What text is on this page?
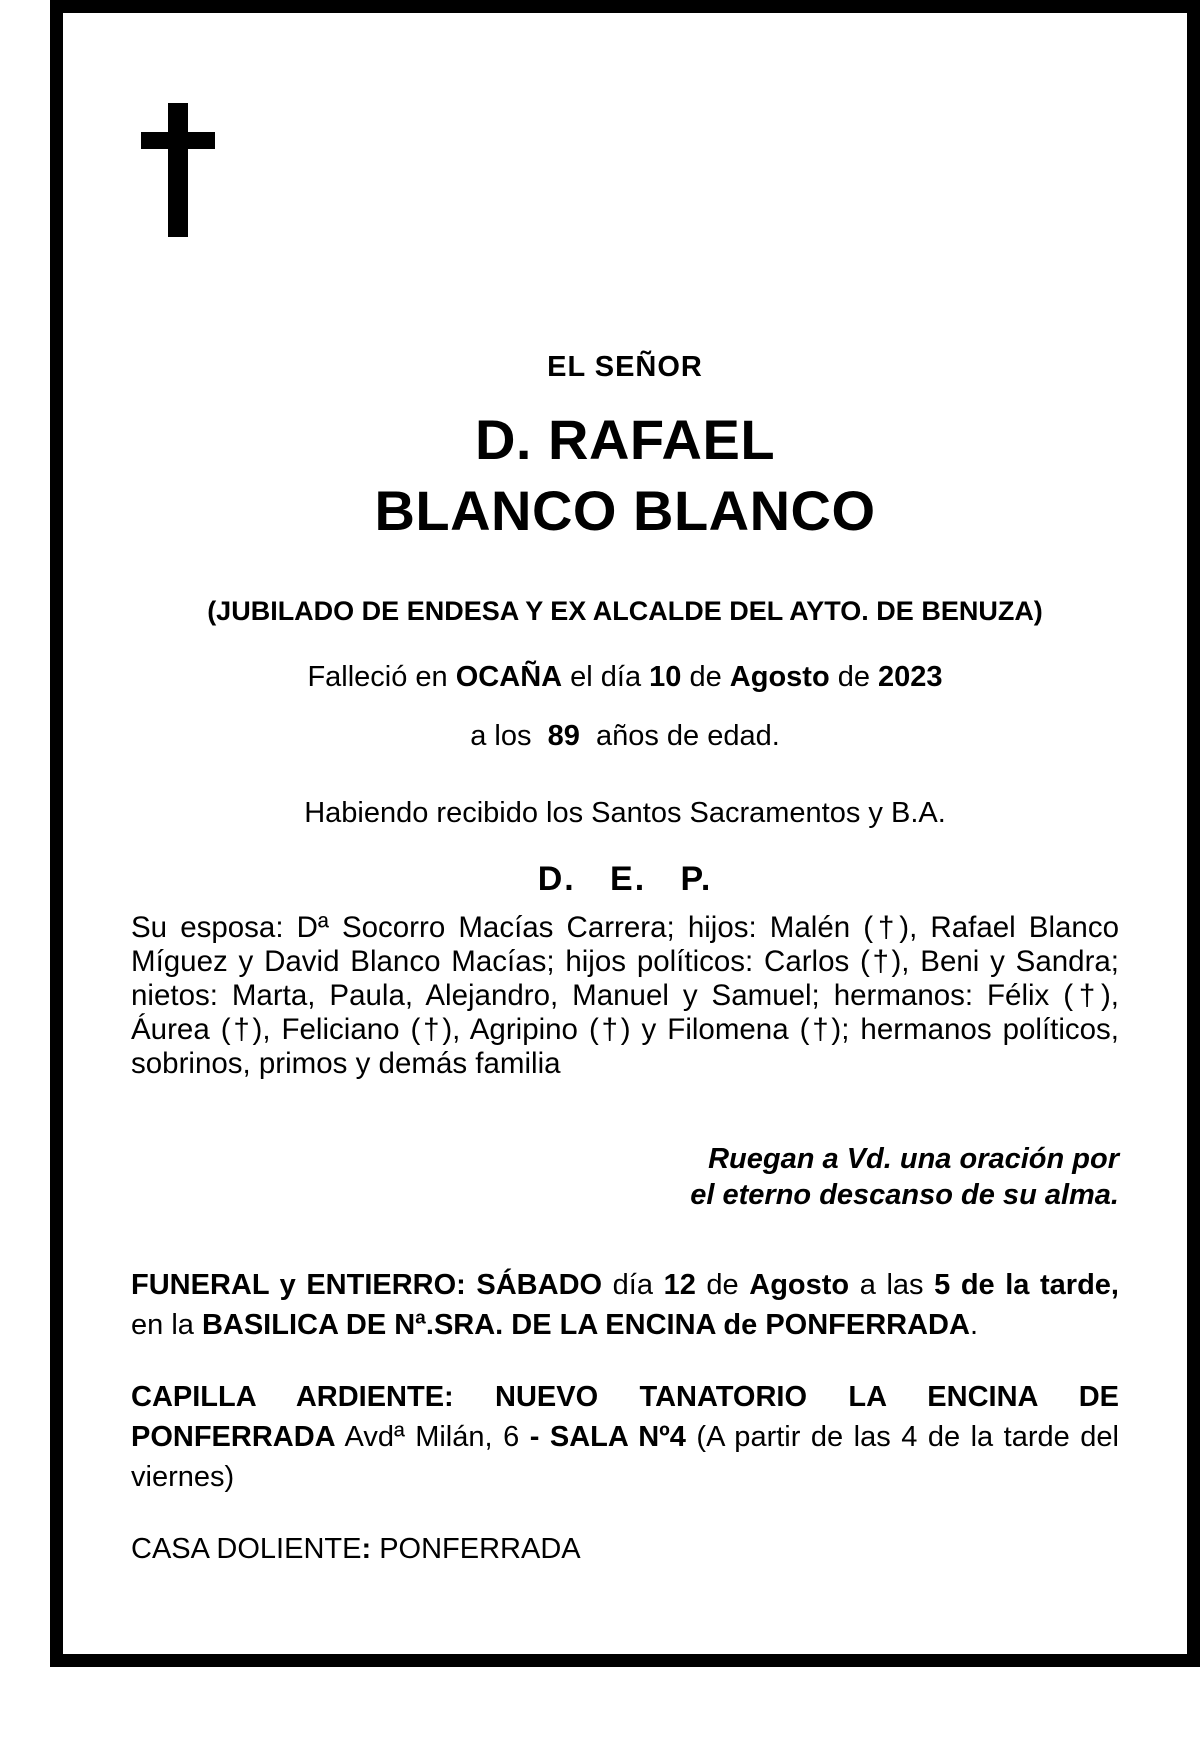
EL SEÑOR
D. RAFAEL
BLANCO BLANCO
(JUBILADO DE ENDESA Y EX ALCALDE DEL AYTO. DE BENUZA)
Falleció en OCAÑA el día 10 de Agosto de 2023
a los  89  años de edad.
Habiendo recibido los Santos Sacramentos y B.A.
D.   E.   P.
Su esposa: Dª Socorro Macías Carrera; hijos: Malén (†), Rafael Blanco Míguez y David Blanco Macías; hijos políticos: Carlos (†), Beni y Sandra; nietos: Marta, Paula, Alejandro, Manuel y Samuel; hermanos: Félix (†), Áurea (†), Feliciano (†), Agripino (†) y Filomena (†); hermanos políticos, sobrinos, primos y demás familia
Ruegan a Vd. una oración por
el eterno descanso de su alma.
FUNERAL y ENTIERRO: SÁBADO día 12 de Agosto a las 5 de la tarde, en la BASILICA DE Nª.SRA. DE LA ENCINA de PONFERRADA.
CAPILLA ARDIENTE: NUEVO TANATORIO LA ENCINA DE PONFERRADA Avdª Milán, 6 - SALA Nº4 (A partir de las 4 de la tarde del viernes)
CASA DOLIENTE: PONFERRADA
